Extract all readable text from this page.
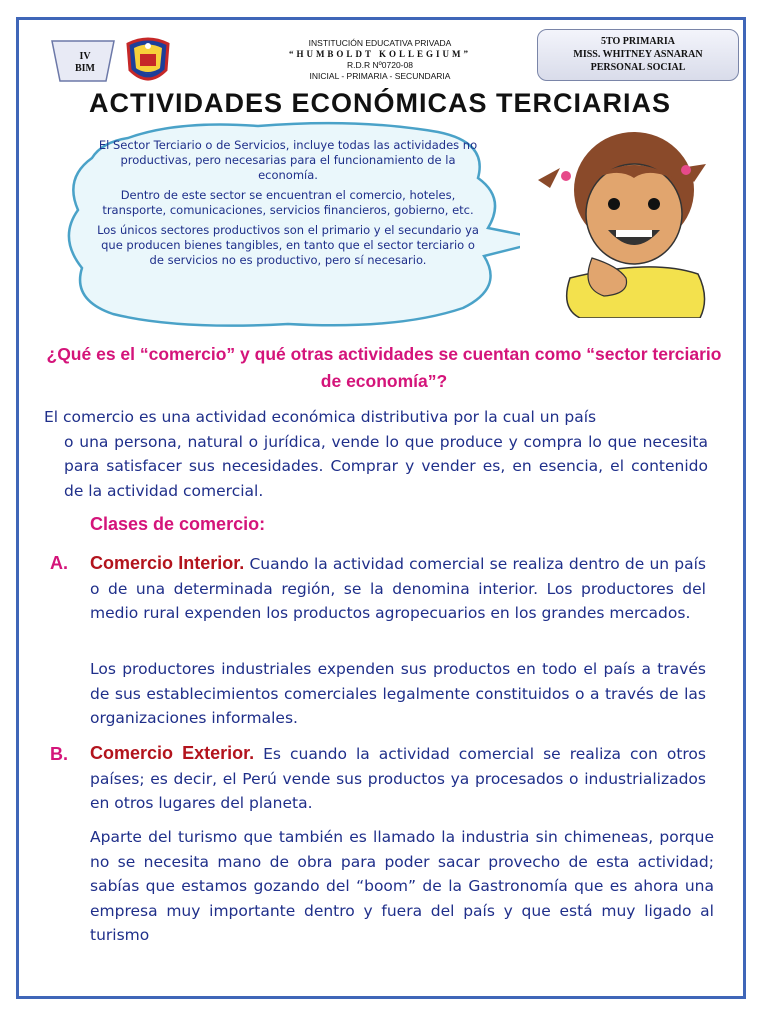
IV
BIM
INSTITUCIÓN EDUCATIVA PRIVADA
“HUMBOLDT KOLLEGIUM”
R.D.R Nº0720-08
INICIAL - PRIMARIA - SECUNDARIA
5TO PRIMARIA
MISS. WHITNEY ASNARAN
PERSONAL SOCIAL
ACTIVIDADES ECONÓMICAS TERCIARIAS

El Sector Terciario o de Servicios, incluye todas las actividades no productivas, pero necesarias para el funcionamiento de la economía.

Dentro de este sector se encuentran el comercio, hoteles, transporte, comunicaciones, servicios financieros, gobierno, etc.

Los únicos sectores productivos son el primario y el secundario ya que producen bienes tangibles, en tanto que el sector terciario o de servicios no es productivo, pero sí necesario.

¿Qué es el “comercio” y qué otras actividades se cuentan como “sector terciario de economía”?

El comercio es una actividad económica distributiva por la cual un país
o una persona, natural o jurídica, vende lo que produce y compra lo que necesita para satisfacer sus necesidades. Comprar y vender es, en esencia, el contenido de la actividad comercial.

Clases de comercio:

A. Comercio Interior. Cuando la actividad comercial se realiza dentro de un país o de una determinada región, se la denomina interior. Los productores del medio rural expenden los productos agropecuarios en los grandes mercados.

Los productores industriales expenden sus productos en todo el país a través de sus establecimientos comerciales legalmente constituidos o a través de las organizaciones informales.

B. Comercio Exterior. Es cuando la actividad comercial se realiza con otros países; es decir, el Perú vende sus productos ya procesados o industrializados en otros lugares del planeta.

Aparte del turismo que también es llamado la industria sin chimeneas, porque no se necesita mano de obra para poder sacar provecho de esta actividad; sabías que estamos gozando del “boom” de la Gastronomía que es ahora una empresa muy importante dentro y fuera del país y que está muy ligado al turismo
